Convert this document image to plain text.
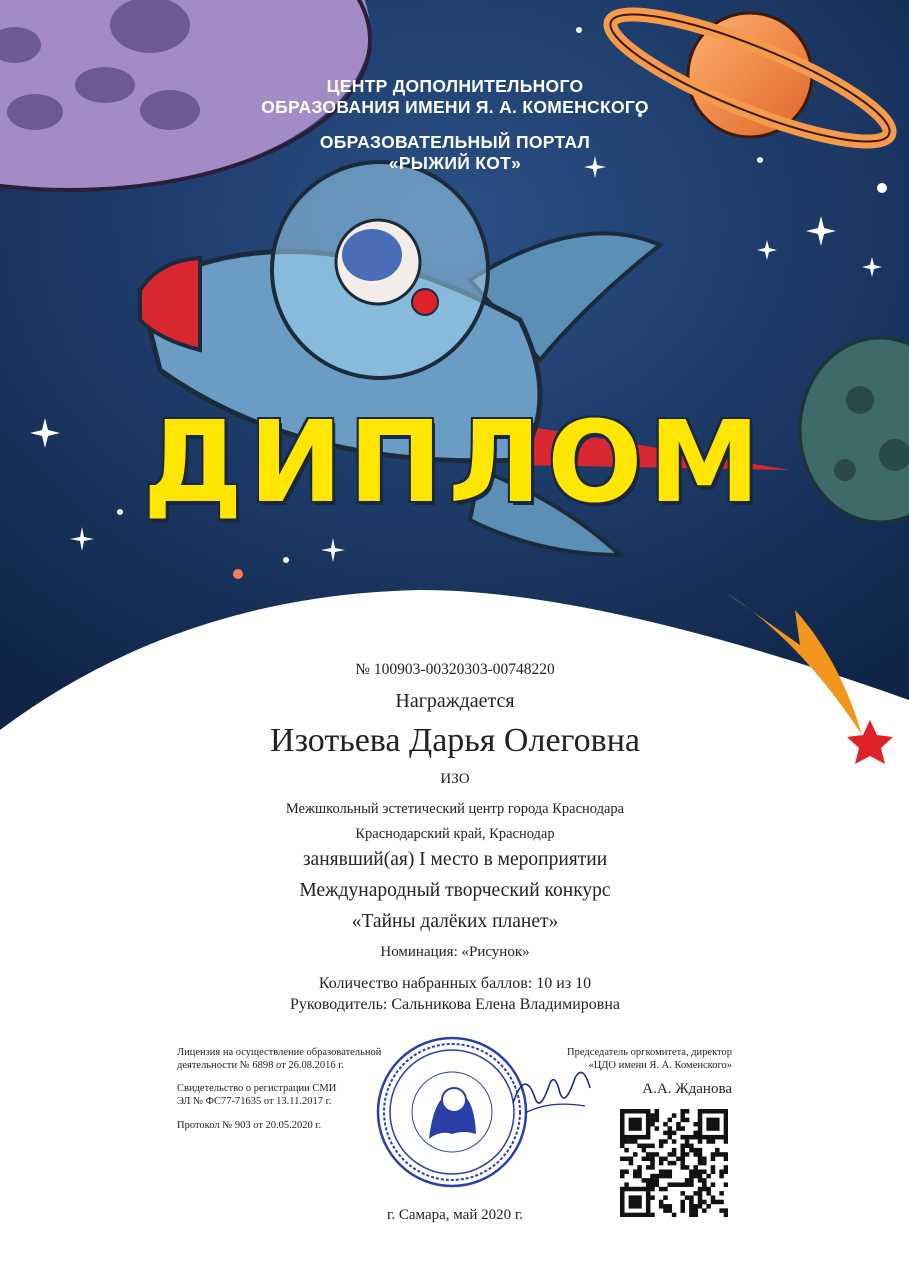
ЦЕНТР ДОПОЛНИТЕЛЬНОГО
ОБРАЗОВАНИЯ ИМЕНИ Я. А. КОМЕНСКОГО
ОБРАЗОВАТЕЛЬНЫЙ ПОРТАЛ
«РЫЖИЙ КОТ»
ДИПЛОМ
№ 100903-00320303-00748220
Награждается
Изотьева Дарья Олеговна
ИЗО
Межшкольный эстетический центр города Краснодара
Краснодарский край, Краснодар
занявший(ая) I место в мероприятии
Международный творческий конкурс
«Тайны далёких планет»
Номинация: «Рисунок»
Количество набранных баллов: 10 из 10
Руководитель: Сальникова Елена Владимировна
Лицензия на осуществление образовательной
деятельности № 6898 от 26.08.2016 г.
Свидетельство о регистрации СМИ
ЭЛ № ФС77-71635 от 13.11.2017 г.
Протокол № 903 от 20.05.2020 г.
Председатель оргкомитета, директор
«ЦДО имени Я. А. Коменского»
А.А. Жданова
г. Самара, май 2020 г.
